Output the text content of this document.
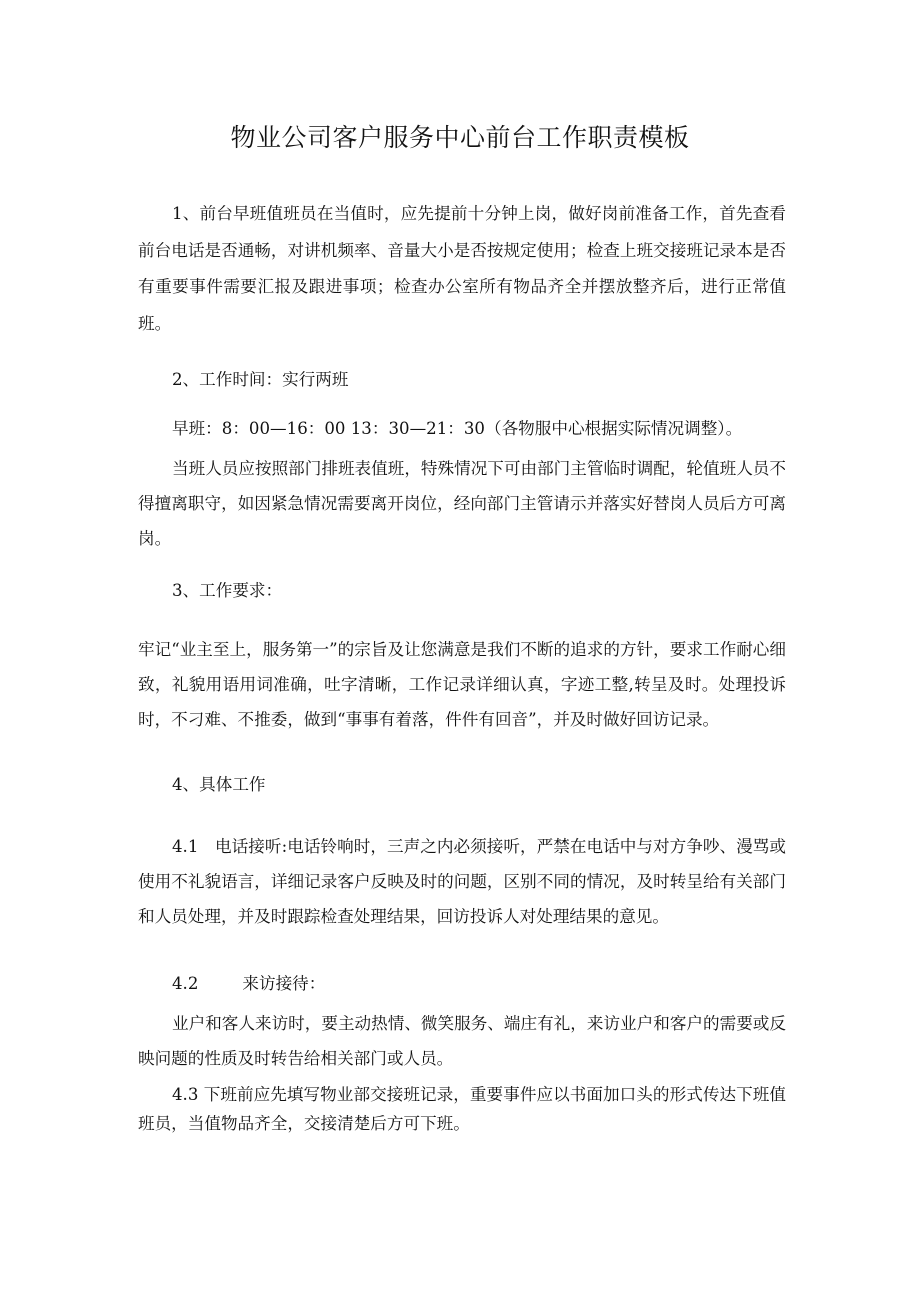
物业公司客户服务中心前台工作职责模板

1、前台早班值班员在当值时，应先提前十分钟上岗，做好岗前准备工作，首先查看前台电话是否通畅，对讲机频率、音量大小是否按规定使用；检查上班交接班记录本是否有重要事件需要汇报及跟进事项；检查办公室所有物品齐全并摆放整齐后，进行正常值班。

2、工作时间：实行两班

早班：8：00—16：00 13：30—21：30（各物服中心根据实际情况调整）。

当班人员应按照部门排班表值班，特殊情况下可由部门主管临时调配，轮值班人员不得擅离职守，如因紧急情况需要离开岗位，经向部门主管请示并落实好替岗人员后方可离岗。

3、工作要求：

牢记“业主至上，服务第一”的宗旨及让您满意是我们不断的追求的方针，要求工作耐心细致，礼貌用语用词准确，吐字清晰，工作记录详细认真，字迹工整,转呈及时。处理投诉时，不刁难、不推委，做到“事事有着落，件件有回音”，并及时做好回访记录。

4、具体工作

4.1　电话接听:电话铃响时，三声之内必须接听，严禁在电话中与对方争吵、漫骂或使用不礼貌语言，详细记录客户反映及时的问题，区别不同的情况，及时转呈给有关部门和人员处理，并及时跟踪检查处理结果，回访投诉人对处理结果的意见。

4.2	来访接待：

业户和客人来访时，要主动热情、微笑服务、端庄有礼，来访业户和客户的需要或反映问题的性质及时转告给相关部门或人员。

4.3 下班前应先填写物业部交接班记录，重要事件应以书面加口头的形式传达下班值班员，当值物品齐全，交接清楚后方可下班。
